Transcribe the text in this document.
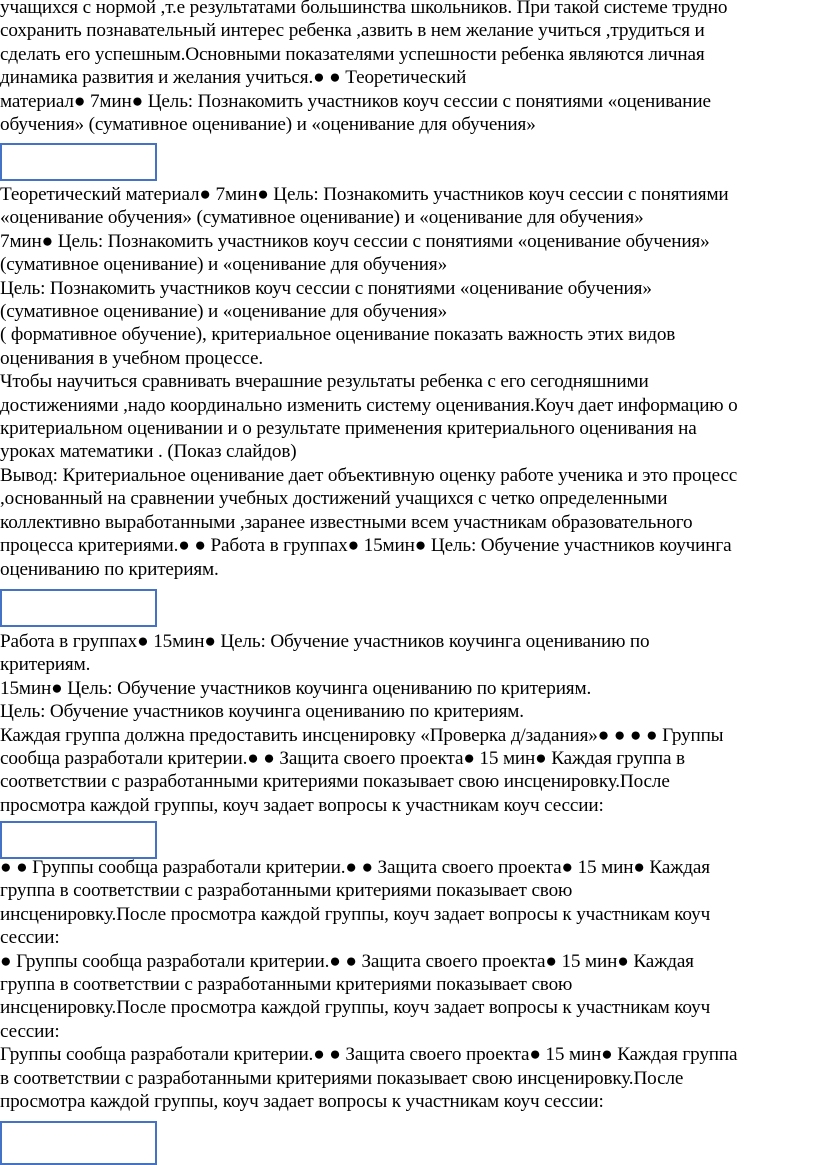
учащихся с нормой ,т.е результатами большинства школьников. При такой системе трудно
сохранить познавательный интерес ребенка ,азвить в нем желание учиться ,трудиться и
сделать его успешным.Основными показателями успешности ребенка являются личная
динамика развития и желания учиться.● ● Теоретический
материал● 7мин● Цель: Познакомить участников коуч сессии с понятиями «оценивание
обучения» (сумативное оценивание) и «оценивание для обучения»
Теоретический материал● 7мин● Цель: Познакомить участников коуч сессии с понятиями
«оценивание обучения» (сумативное оценивание) и «оценивание для обучения»
7мин● Цель: Познакомить участников коуч сессии с понятиями «оценивание обучения»
(сумативное оценивание) и «оценивание для обучения»
Цель: Познакомить участников коуч сессии с понятиями «оценивание обучения»
(сумативное оценивание) и «оценивание для обучения»
( формативное обучение), критериальное оценивание показать важность этих видов
оценивания в учебном процессе.
Чтобы научиться сравнивать вчерашние результаты ребенка с его сегодняшними
достижениями ,надо координально изменить систему оценивания.Коуч дает информацию о
критериальном оценивании и о результате применения критериального оценивания на
уроках математики . (Показ слайдов)
Вывод: Критериальное оценивание дает объективную оценку работе ученика и это процесс
,основанный на сравнении учебных достижений учащихся с четко определенными
коллективно выработанными ,заранее известными всем участникам образовательного
процесса критериями.● ● Работа в группах● 15мин● Цель: Обучение участников коучинга
оцениванию по критериям.
Работа в группах● 15мин● Цель: Обучение участников коучинга оцениванию по
критериям.
15мин● Цель: Обучение участников коучинга оцениванию по критериям.
Цель: Обучение участников коучинга оцениванию по критериям.
Каждая группа должна предоставить инсценировку «Проверка д/задания»● ● ● ● Группы
сообща разработали критерии.● ● Защита своего проекта● 15 мин● Каждая группа в
соответствии с разработанными критериями показывает свою инсценировку.После
просмотра каждой группы, коуч задает вопросы к участникам коуч сессии:
● ● Группы сообща разработали критерии.● ● Защита своего проекта● 15 мин● Каждая
группа в соответствии с разработанными критериями показывает свою
инсценировку.После просмотра каждой группы, коуч задает вопросы к участникам коуч
сессии:
● Группы сообща разработали критерии.● ● Защита своего проекта● 15 мин● Каждая
группа в соответствии с разработанными критериями показывает свою
инсценировку.После просмотра каждой группы, коуч задает вопросы к участникам коуч
сессии:
Группы сообща разработали критерии.● ● Защита своего проекта● 15 мин● Каждая группа
в соответствии с разработанными критериями показывает свою инсценировку.После
просмотра каждой группы, коуч задает вопросы к участникам коуч сессии:
